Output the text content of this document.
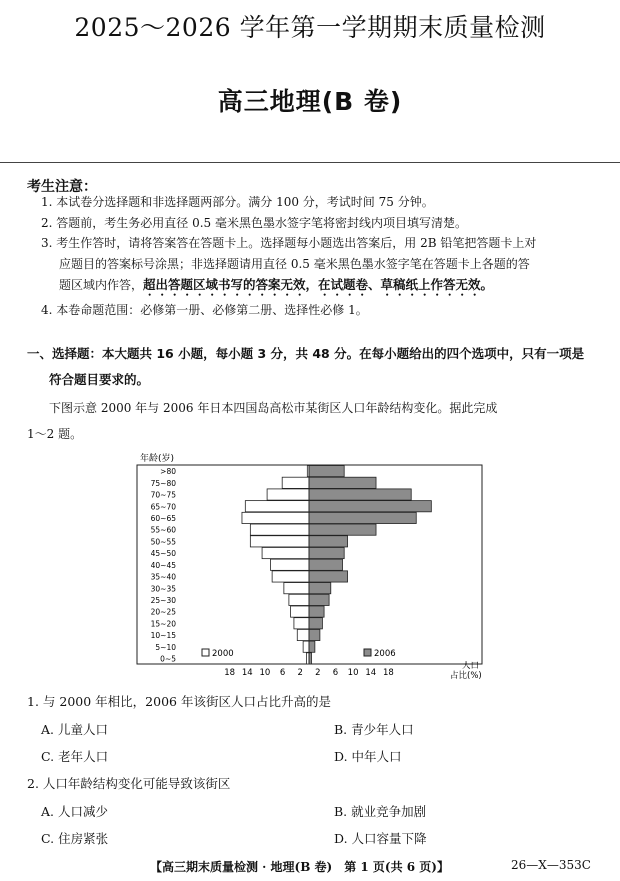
2025～2026 学年第一学期期末质量检测
高三地理(B 卷)
考生注意：
1. 本试卷分选择题和非选择题两部分。满分 100 分，考试时间 75 分钟。
2. 答题前，考生务必用直径 0.5 毫米黑色墨水签字笔将密封线内项目填写清楚。
3. 考生作答时，请将答案答在答题卡上。选择题每小题选出答案后，用 2B 铅笔把答题卡上对
应题目的答案标号涂黑；非选择题请用直径 0.5 毫米黑色墨水签字笔在答题卡上各题的答
题区域内作答，超出答题区域书写的答案无效，在试题卷、草稿纸上作答无效。
4. 本卷命题范围：必修第一册、必修第二册、选择性必修 1。
一、选择题：本大题共 16 小题，每小题 3 分，共 48 分。在每小题给出的四个选项中，只有一项是
符合题目要求的。
下图示意 2000 年与 2006 年日本四国岛高松市某街区人口年龄结构变化。据此完成
1～2 题。
年龄(岁)
18 14 10 6 2 2 6 10 14 18
人口
占比(%)
0~5
5~10
10~15
15~20
20~25
25~30
30~35
35~40
40~45
45~50
50~55
55~60
60~65
65~70
70~75
75~80
>80
2000	2006
1. 与 2000 年相比，2006 年该街区人口占比升高的是
A. 儿童人口	B. 青少年人口
C. 老年人口	D. 中年人口
2. 人口年龄结构变化可能导致该街区
A. 人口减少	B. 就业竞争加剧
C. 住房紧张	D. 人口容量下降
【高三期末质量检测 · 地理(B 卷)　第 1 页(共 6 页)】	26—X—353C
